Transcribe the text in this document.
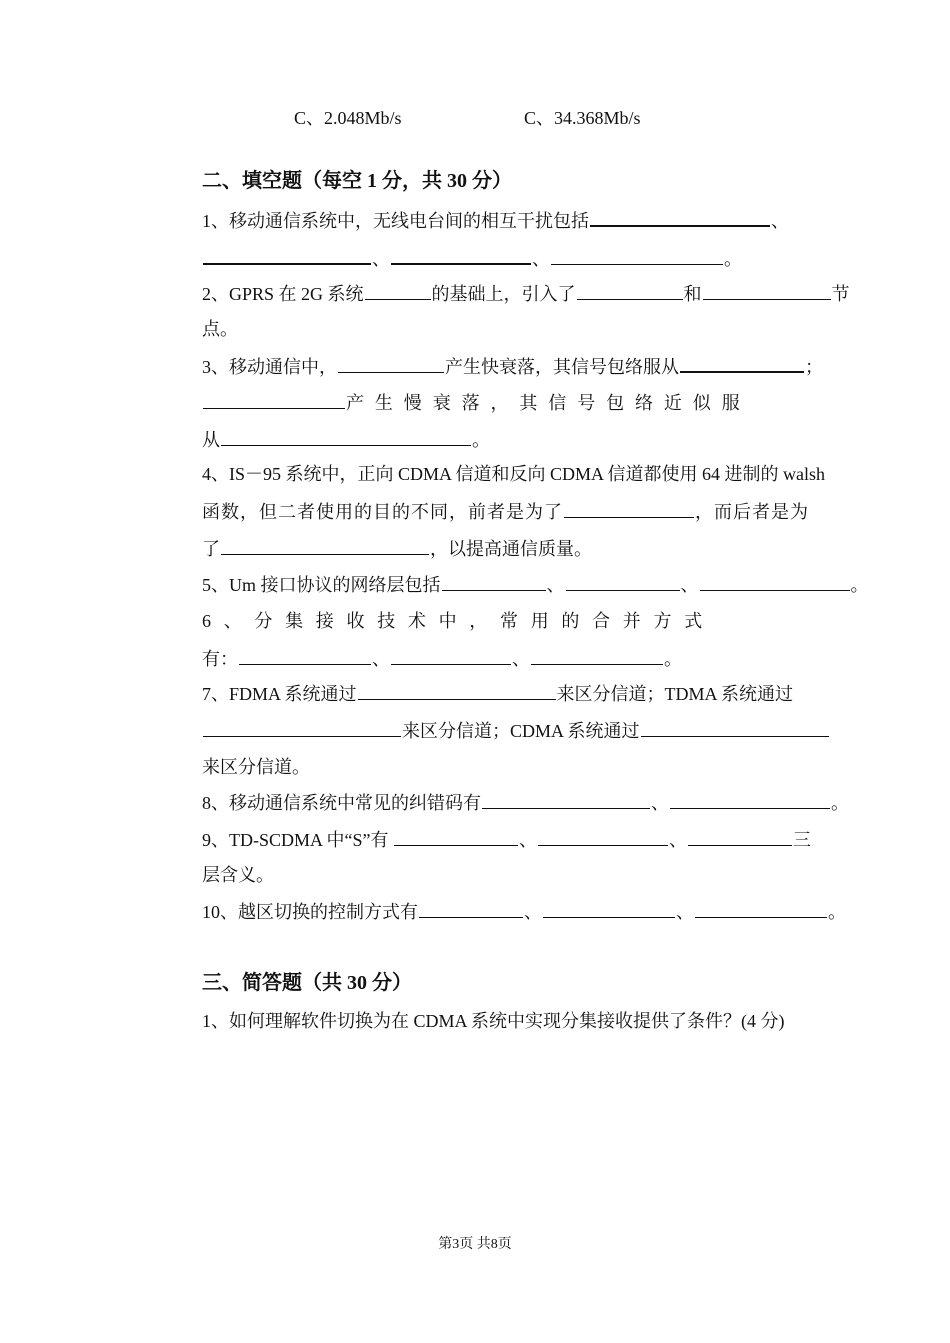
C、2.048Mb/s	C、34.368Mb/s
二、填空题（每空 1 分，共 30 分）
1、移动通信系统中，无线电台间的相互干扰包括	、
、	、	。
2、GPRS 在 2G 系统	的基础上，引入了	和	节
点。
3、移动通信中，	产生快衰落，其信号包络服从	；
产 生 慢 衰 落 ， 其 信 号 包 络 近 似 服
从	。
4、IS－95 系统中，正向 CDMA 信道和反向 CDMA 信道都使用 64 进制的 walsh
函数，但二者使用的目的不同，前者是为了	，而后者是为
了	，以提高通信质量。
5、Um 接口协议的网络层包括	、	、	。
6 、 分 集 接 收 技 术 中 ， 常 用 的 合 并 方 式
有：	、	、	。
7、FDMA 系统通过	来区分信道；TDMA 系统通过
来区分信道；CDMA 系统通过
来区分信道。
8、移动通信系统中常见的纠错码有	、	。
9、TD-SCDMA 中“S”有	、	、	三
层含义。
10、越区切换的控制方式有	、	、	。
三、简答题（共 30 分）
1、如何理解软件切换为在 CDMA 系统中实现分集接收提供了条件？(4 分)
第3页 共8页
